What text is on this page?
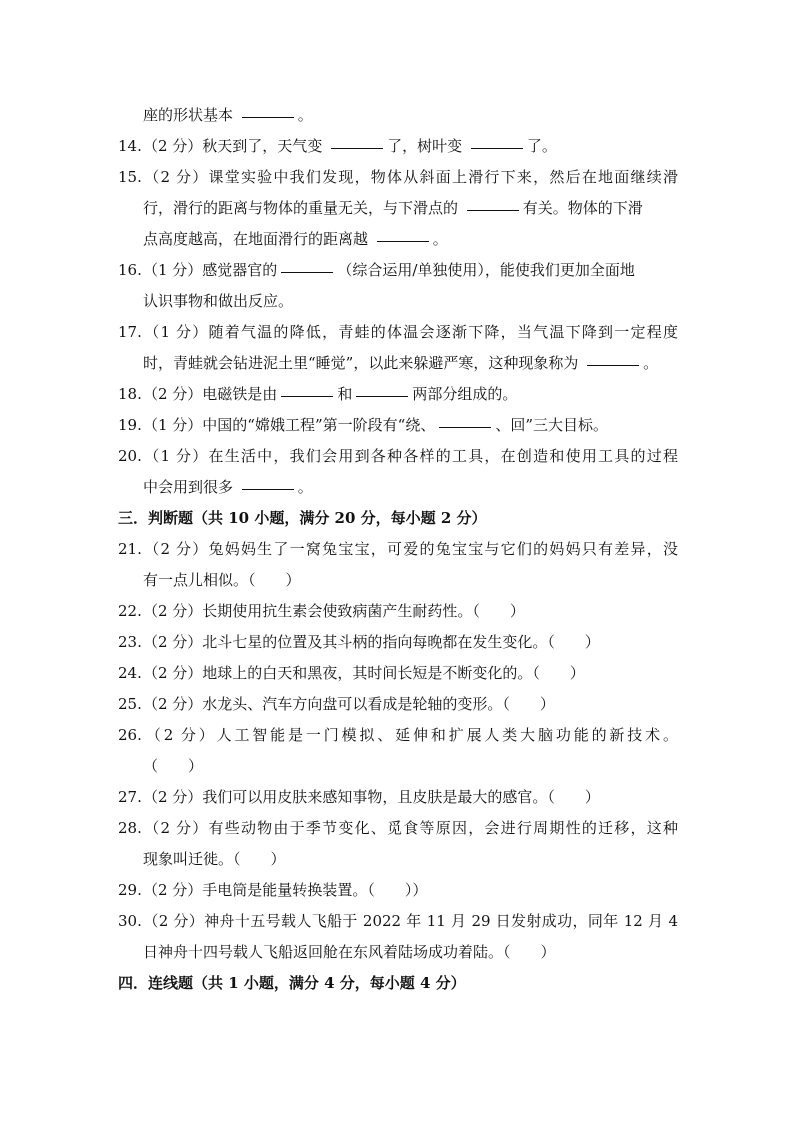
座的形状基本	。
14.（2 分）秋天到了，天气变	了，树叶变	了。
15.（2 分）课堂实验中我们发现，物体从斜面上滑行下来，然后在地面继续滑
行，滑行的距离与物体的重量无关，与下滑点的	有关。物体的下滑
点高度越高，在地面滑行的距离越	。
16.（1 分）感觉器官的	（综合运用/单独使用），能使我们更加全面地
认识事物和做出反应。
17.（1 分）随着气温的降低，青蛙的体温会逐渐下降，当气温下降到一定程度
时，青蛙就会钻进泥土里“睡觉”，以此来躲避严寒，这种现象称为	。
18.（2 分）电磁铁是由	和	两部分组成的。
19.（1 分）中国的“嫦娥工程”第一阶段有“绕、	、回”三大目标。
20.（1 分）在生活中，我们会用到各种各样的工具，在创造和使用工具的过程
中会用到很多	。
三．判断题（共 10 小题，满分 20 分，每小题 2 分）
21.（2 分）兔妈妈生了一窝兔宝宝，可爱的兔宝宝与它们的妈妈只有差异，没
有一点儿相似。（　　）
22.（2 分）长期使用抗生素会使致病菌产生耐药性。（　　）
23.（2 分）北斗七星的位置及其斗柄的指向每晚都在发生变化。（　　）
24.（2 分）地球上的白天和黑夜，其时间长短是不断变化的。（　　）
25.（2 分）水龙头、汽车方向盘可以看成是轮轴的变形。（　　）
26.（2 分）人工智能是一门模拟、延伸和扩展人类大脑功能的新技术。
（　　）
27.（2 分）我们可以用皮肤来感知事物，且皮肤是最大的感官。（　　）
28.（2 分）有些动物由于季节变化、觅食等原因，会进行周期性的迁移，这种
现象叫迁徙。（　　）
29.（2 分）手电筒是能量转换装置。（　　））
30.（2 分）神舟十五号载人飞船于 2022 年 11 月 29 日发射成功，同年 12 月 4
日神舟十四号载人飞船返回舱在东风着陆场成功着陆。（　　）
四．连线题（共 1 小题，满分 4 分，每小题 4 分）
